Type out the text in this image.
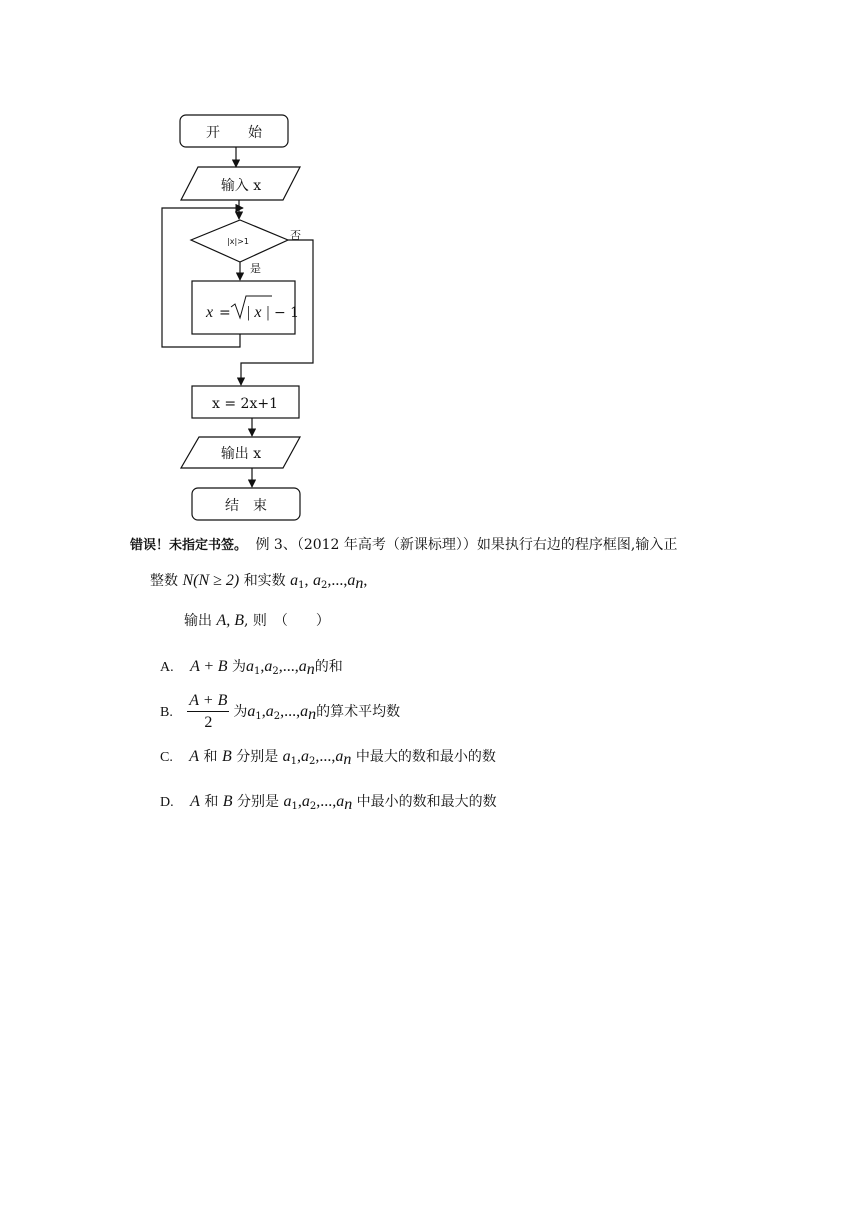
开　　始
输入 x
|x|>1	否
是
x = | x | − 1
x = 2x+1
输出 x
结　束
错误！未指定书签。 例 3、（2012 年高考（新课标理））如果执行右边的程序框图,输入正
整数 N(N ≥ 2) 和实数 $a_1$, $a_2,...,a_n$,
输出 A, B, 则　（　　）
A. A + B 为$a_1,a_2,...,a_n$的和
B. $\frac{A + B}{2}$ 为$a_1,a_2,...,a_n$的算术平均数
C. A 和 B 分别是 $a_1,a_2,...,a_n$ 中最大的数和最小的数
D. A 和 B 分别是 $a_1,a_2,...,a_n$ 中最小的数和最大的数
